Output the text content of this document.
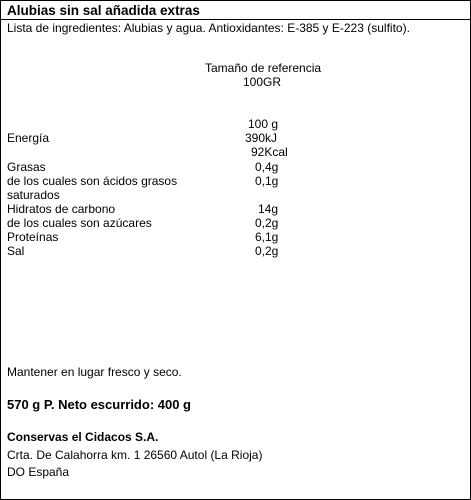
Alubias sin sal añadida extras
Lista de ingredientes: Alubias y agua. Antioxidantes: E-385 y E-223 (sulfito).
Tamaño de referencia
100GR
100 g
Energía	390kJ
92Kcal
Grasas	0,4g
de los cuales son ácidos grasos	0,1g
saturados
Hidratos de carbono	14g
de los cuales son azúcares	0,2g
Proteínas	6,1g
Sal	0,2g
Mantener en lugar fresco y seco.
570 g P. Neto escurrido: 400 g
Conservas el Cidacos S.A.
Crta. De Calahorra km. 1 26560 Autol (La Rioja)
DO España
